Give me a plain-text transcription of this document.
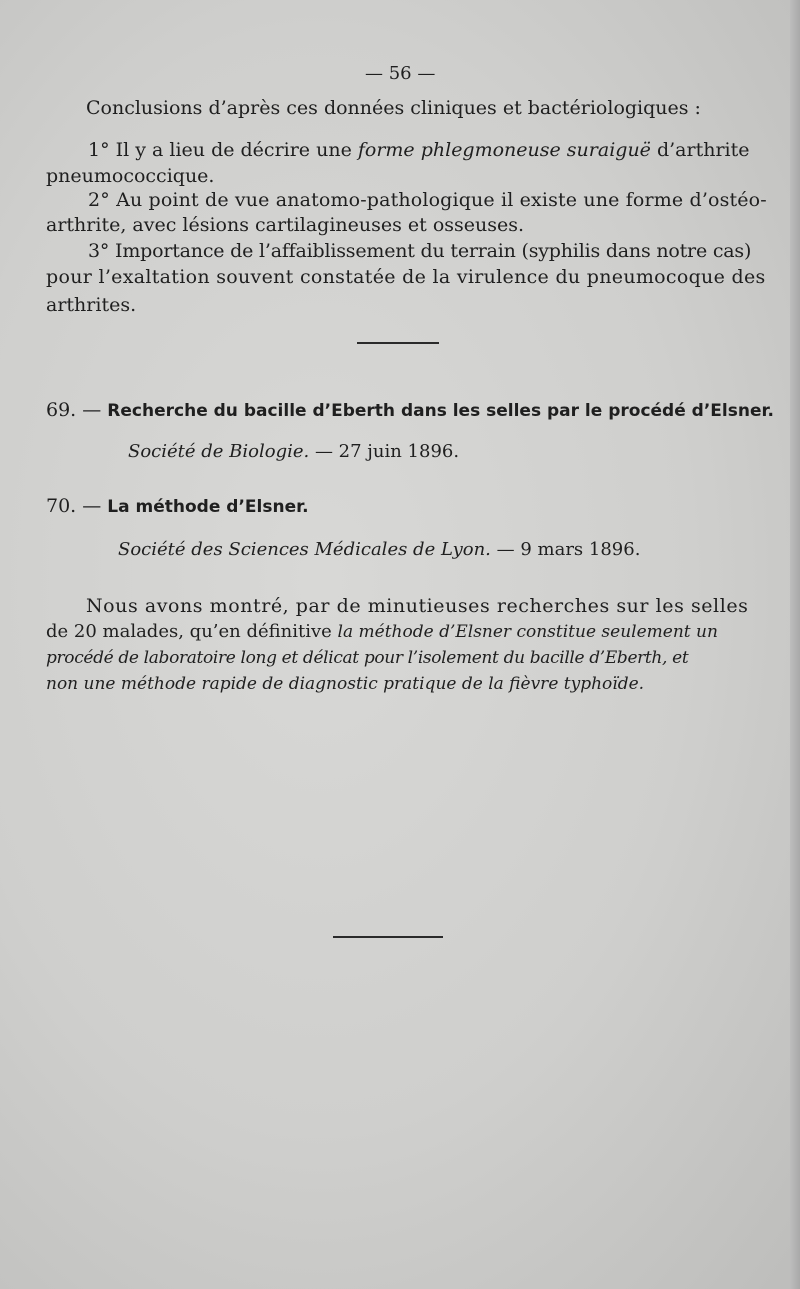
— 56 —
Conclusions d’après ces données cliniques et bactériologiques :
1° Il y a lieu de décrire une forme phlegmoneuse suraiguë d’arthrite
pneumococcique.
2° Au point de vue anatomo-pathologique il existe une forme d’ostéo-
arthrite, avec lésions cartilagineuses et osseuses.
3° Importance de l’affaiblissement du terrain (syphilis dans notre cas)
pour l’exaltation souvent constatée de la virulence du pneumocoque des
arthrites.
69. — Recherche du bacille d’Eberth dans les selles par le procédé d’Elsner.
Société de Biologie. — 27 juin 1896.
70. — La méthode d’Elsner.
Société des Sciences Médicales de Lyon. — 9 mars 1896.
Nous avons montré, par de minutieuses recherches sur les selles
de 20 malades, qu’en définitive la méthode d’Elsner constitue seulement un
procédé de laboratoire long et délicat pour l’isolement du bacille d’Eberth, et
non une méthode rapide de diagnostic pratique de la fièvre typhoïde.
